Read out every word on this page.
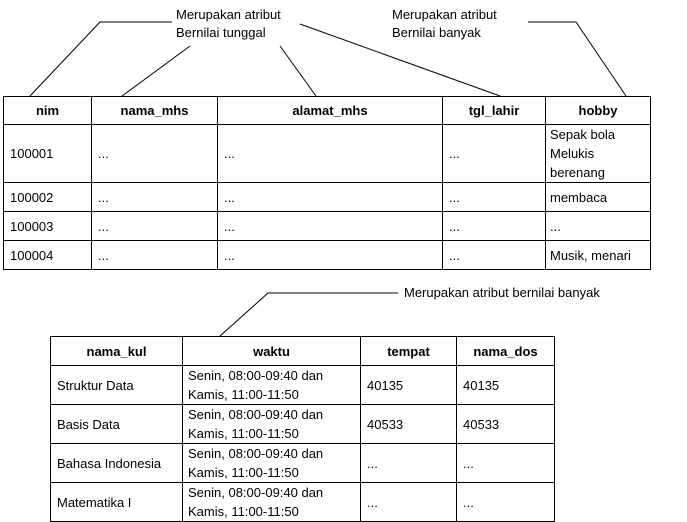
Merupakan atribut
Bernilai tunggal
Merupakan atribut
Bernilai banyak
Merupakan atribut bernilai banyak
nim	nama_mhs	alamat_mhs	tgl_lahir	hobby
100001	...	...	...	Sepak bola
Melukis
berenang
100002	...	...	...	membaca
100003	...	...	...	...
100004	...	...	...	Musik, menari
nama_kul	waktu	tempat	nama_dos
Struktur Data	Senin, 08:00-09:40 dan
Kamis, 11:00-11:50	40135	40135
Basis Data	Senin, 08:00-09:40 dan
Kamis, 11:00-11:50	40533	40533
Bahasa Indonesia	Senin, 08:00-09:40 dan
Kamis, 11:00-11:50	...	...
Matematika I	Senin, 08:00-09:40 dan
Kamis, 11:00-11:50	...	...
